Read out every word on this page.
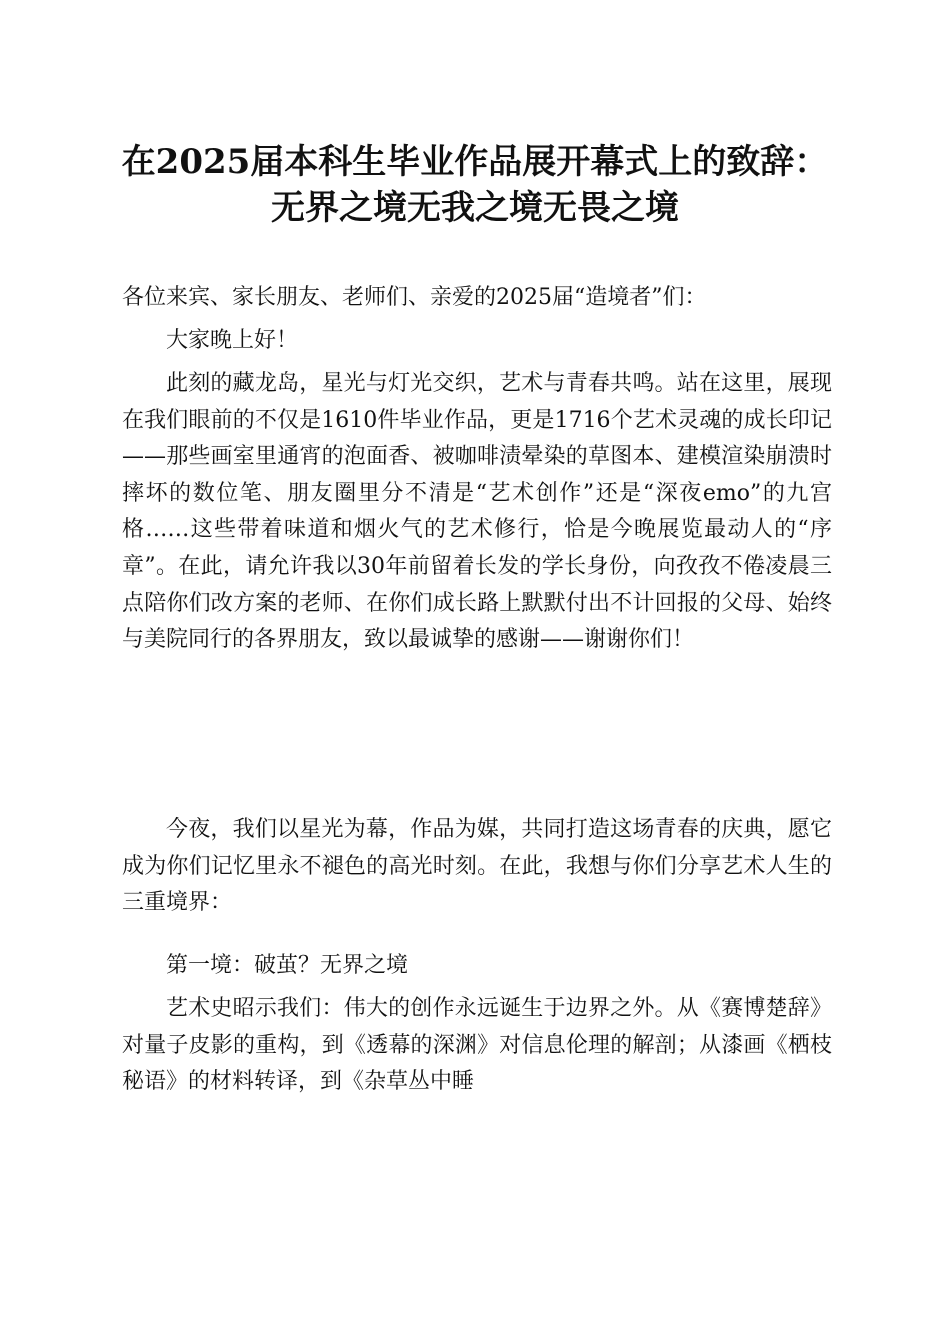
在2025届本科生毕业作品展开幕式上的致辞：
无界之境无我之境无畏之境
各位来宾、家长朋友、老师们、亲爱的2025届“造境者”们：
大家晚上好！
此刻的藏龙岛，星光与灯光交织，艺术与青春共鸣。站在这里，展现在我们眼前的不仅是1610件毕业作品，更是1716个艺术灵魂的成长印记——那些画室里通宵的泡面香、被咖啡渍晕染的草图本、建模渲染崩溃时摔坏的数位笔、朋友圈里分不清是“艺术创作”还是“深夜emo”的九宫格……这些带着味道和烟火气的艺术修行，恰是今晚展览最动人的“序章”。在此，请允许我以30年前留着长发的学长身份，向孜孜不倦凌晨三点陪你们改方案的老师、在你们成长路上默默付出不计回报的父母、始终与美院同行的各界朋友，致以最诚挚的感谢——谢谢你们！
今夜，我们以星光为幕，作品为媒，共同打造这场青春的庆典，愿它成为你们记忆里永不褪色的高光时刻。在此，我想与你们分享艺术人生的三重境界：
第一境：破茧？无界之境
艺术史昭示我们：伟大的创作永远诞生于边界之外。从《赛博楚辞》对量子皮影的重构，到《透幕的深渊》对信息伦理的解剖；从漆画《栖枝秘语》的材料转译，到《杂草丛中睡
